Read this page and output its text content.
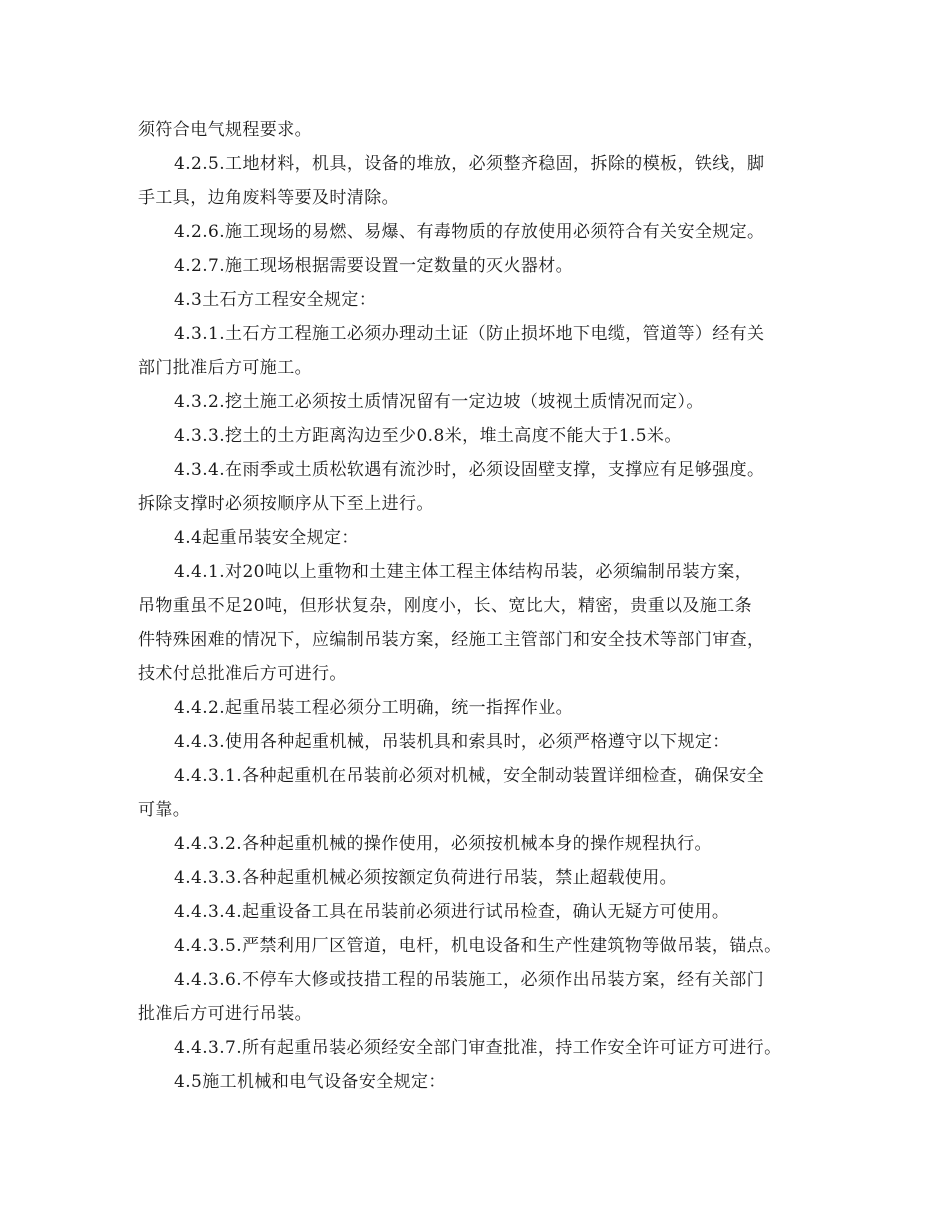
须符合电气规程要求。
4.2.5.工地材料，机具，设备的堆放，必须整齐稳固，拆除的模板，铁线，脚
手工具，边角废料等要及时清除。
4.2.6.施工现场的易燃、易爆、有毒物质的存放使用必须符合有关安全规定。
4.2.7.施工现场根据需要设置一定数量的灭火器材。
4.3土石方工程安全规定：
4.3.1.土石方工程施工必须办理动土证（防止损坏地下电缆，管道等）经有关
部门批准后方可施工。
4.3.2.挖土施工必须按土质情况留有一定边坡（坡视土质情况而定）。
4.3.3.挖土的土方距离沟边至少0.8米，堆土高度不能大于1.5米。
4.3.4.在雨季或土质松软遇有流沙时，必须设固壁支撑，支撑应有足够强度。
拆除支撑时必须按顺序从下至上进行。
4.4起重吊装安全规定：
4.4.1.对20吨以上重物和土建主体工程主体结构吊装，必须编制吊装方案，
吊物重虽不足20吨，但形状复杂，刚度小，长、宽比大，精密，贵重以及施工条
件特殊困难的情况下，应编制吊装方案，经施工主管部门和安全技术等部门审查，
技术付总批准后方可进行。
4.4.2.起重吊装工程必须分工明确，统一指挥作业。
4.4.3.使用各种起重机械，吊装机具和索具时，必须严格遵守以下规定：
4.4.3.1.各种起重机在吊装前必须对机械，安全制动装置详细检查，确保安全
可靠。
4.4.3.2.各种起重机械的操作使用，必须按机械本身的操作规程执行。
4.4.3.3.各种起重机械必须按额定负荷进行吊装，禁止超载使用。
4.4.3.4.起重设备工具在吊装前必须进行试吊检查，确认无疑方可使用。
4.4.3.5.严禁利用厂区管道，电杆，机电设备和生产性建筑物等做吊装，锚点。
4.4.3.6.不停车大修或技措工程的吊装施工，必须作出吊装方案，经有关部门
批准后方可进行吊装。
4.4.3.7.所有起重吊装必须经安全部门审查批准，持工作安全许可证方可进行。
4.5施工机械和电气设备安全规定：
